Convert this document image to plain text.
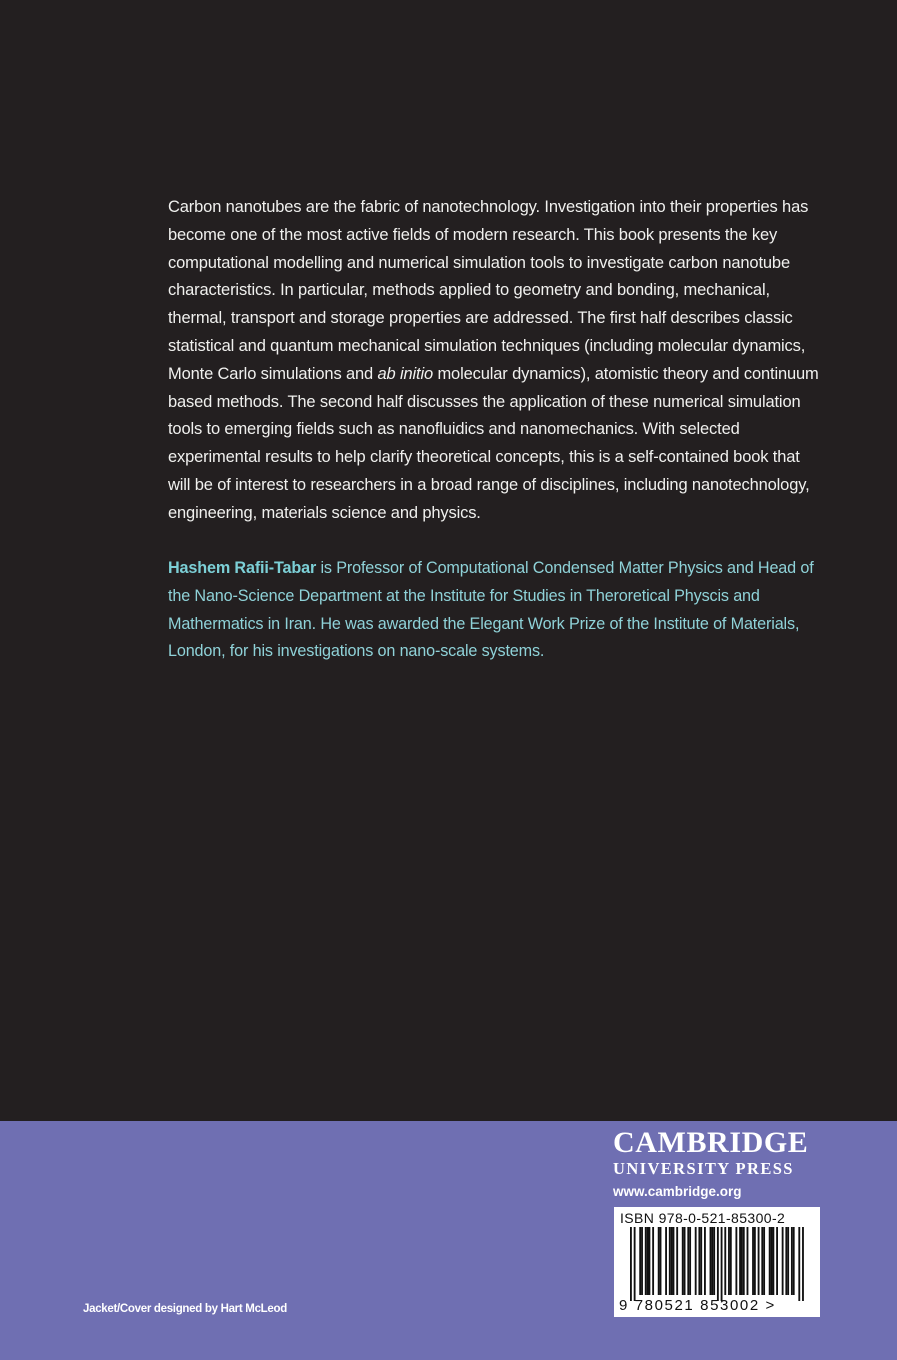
Carbon nanotubes are the fabric of nanotechnology. Investigation into their properties has

become one of the most active fields of modern research. This book presents the key

computational modelling and numerical simulation tools to investigate carbon nanotube

characteristics. In particular, methods applied to geometry and bonding, mechanical,

thermal, transport and storage properties are addressed. The first half describes classic

statistical and quantum mechanical simulation techniques (including molecular dynamics,

Monte Carlo simulations and ab initio molecular dynamics), atomistic theory and continuum

based methods. The second half discusses the application of these numerical simulation

tools to emerging fields such as nanofluidics and nanomechanics. With selected

experimental results to help clarify theoretical concepts, this is a self-contained book that

will be of interest to researchers in a broad range of disciplines, including nanotechnology,

engineering, materials science and physics.

Hashem Rafii-Tabar is Professor of Computational Condensed Matter Physics and Head of

the Nano-Science Department at the Institute for Studies in Theroretical Physcis and

Mathermatics in Iran. He was awarded the Elegant Work Prize of the Institute of Materials,

London, for his investigations on nano-scale systems.

CAMBRIDGE
UNIVERSITY PRESS
www.cambridge.org
ISBN 978-0-521-85300-2
9 780521 853002 >
Jacket/Cover designed by Hart McLeod
